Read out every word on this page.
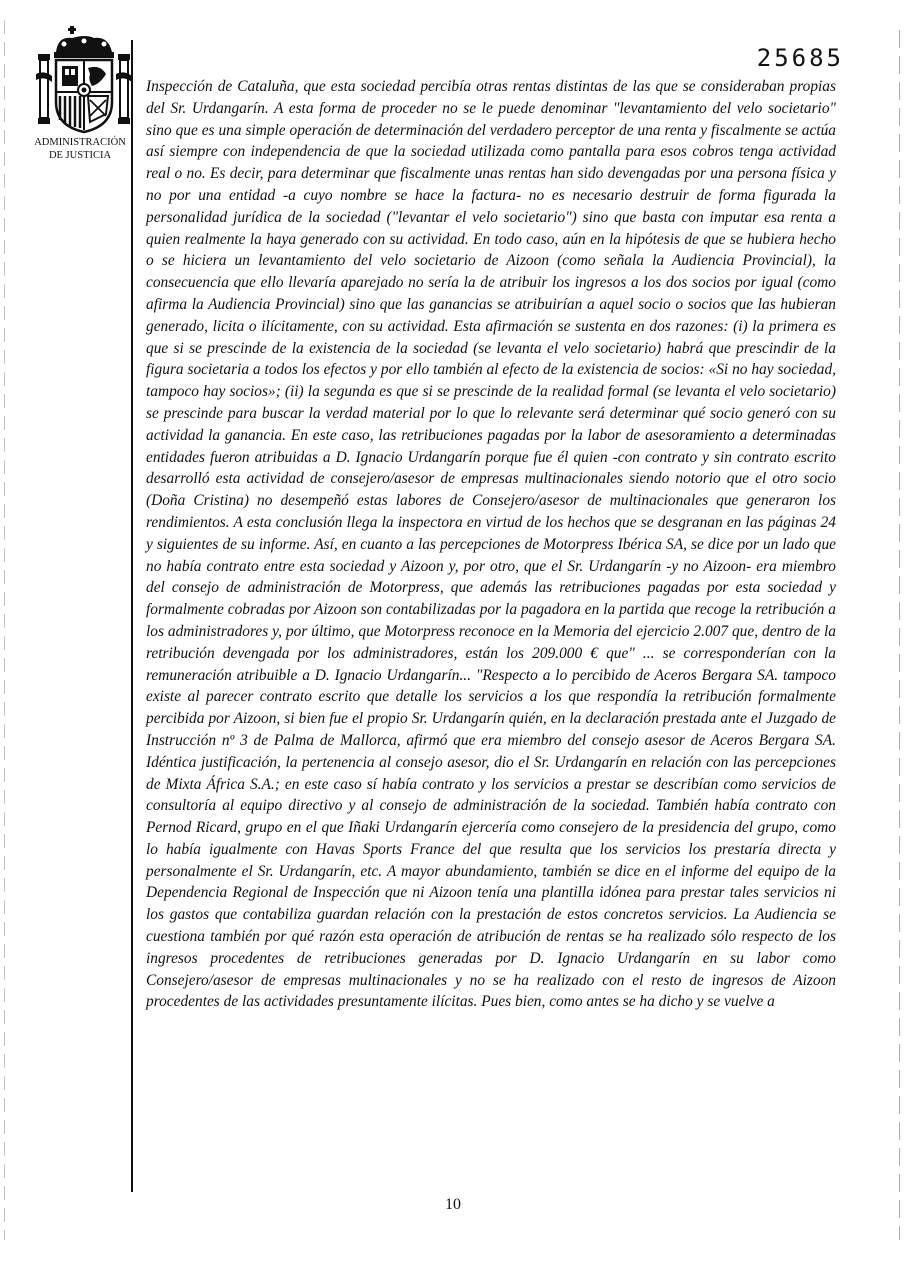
ADMINISTRACIÓN
DE JUSTICIA
25685

Inspección de Cataluña, que esta sociedad percibía otras rentas distintas de las que se consideraban propias del Sr. Urdangarín. A esta forma de proceder no se le puede denominar "levantamiento del velo societario" sino que es una simple operación de determinación del verdadero perceptor de una renta y fiscalmente se actúa así siempre con independencia de que la sociedad utilizada como pantalla para esos cobros tenga actividad real o no. Es decir, para determinar que fiscalmente unas rentas han sido devengadas por una persona física y no por una entidad -a cuyo nombre se hace la factura- no es necesario destruir de forma figurada la personalidad jurídica de la sociedad ("levantar el velo societario") sino que basta con imputar esa renta a quien realmente la haya generado con su actividad. En todo caso, aún en la hipótesis de que se hubiera hecho o se hiciera un levantamiento del velo societario de Aizoon (como señala la Audiencia Provincial), la consecuencia que ello llevaría aparejado no sería la de atribuir los ingresos a los dos socios por igual (como afirma la Audiencia Provincial) sino que las ganancias se atribuirían a aquel socio o socios que las hubieran generado, licita o ilícitamente, con su actividad. Esta afirmación se sustenta en dos razones: (i) la primera es que si se prescinde de la existencia de la sociedad (se levanta el velo societario) habrá que prescindir de la figura societaria a todos los efectos y por ello también al efecto de la existencia de socios: «Si no hay sociedad, tampoco hay socios»; (ii) la segunda es que si se prescinde de la realidad formal (se levanta el velo societario) se prescinde para buscar la verdad material por lo que lo relevante será determinar qué socio generó con su actividad la ganancia. En este caso, las retribuciones pagadas por la labor de asesoramiento a determinadas entidades fueron atribuidas a D. Ignacio Urdangarín porque fue él quien -con contrato y sin contrato escrito desarrolló esta actividad de consejero/asesor de empresas multinacionales siendo notorio que el otro socio (Doña Cristina) no desempeñó estas labores de Consejero/asesor de multinacionales que generaron los rendimientos. A esta conclusión llega la inspectora en virtud de los hechos que se desgranan en las páginas 24 y siguientes de su informe. Así, en cuanto a las percepciones de Motorpress Ibérica SA, se dice por un lado que no había contrato entre esta sociedad y Aizoon y, por otro, que el Sr. Urdangarín -y no Aizoon- era miembro del consejo de administración de Motorpress, que además las retribuciones pagadas por esta sociedad y formalmente cobradas por Aizoon son contabilizadas por la pagadora en la partida que recoge la retribución a los administradores y, por último, que Motorpress reconoce en la Memoria del ejercicio 2.007 que, dentro de la retribución devengada por los administradores, están los 209.000 € que" ... se corresponderían con la remuneración atribuible a D. Ignacio Urdangarín... "Respecto a lo percibido de Aceros Bergara SA. tampoco existe al parecer contrato escrito que detalle los servicios a los que respondía la retribución formalmente percibida por Aizoon, si bien fue el propio Sr. Urdangarín quién, en la declaración prestada ante el Juzgado de Instrucción nº 3 de Palma de Mallorca, afirmó que era miembro del consejo asesor de Aceros Bergara SA. Idéntica justificación, la pertenencia al consejo asesor, dio el Sr. Urdangarín en relación con las percepciones de Mixta África S.A.; en este caso sí había contrato y los servicios a prestar se describían como servicios de consultoría al equipo directivo y al consejo de administración de la sociedad. También había contrato con Pernod Ricard, grupo en el que Iñaki Urdangarín ejercería como consejero de la presidencia del grupo, como lo había igualmente con Havas Sports France del que resulta que los servicios los prestaría directa y personalmente el Sr. Urdangarín, etc. A mayor abundamiento, también se dice en el informe del equipo de la Dependencia Regional de Inspección que ni Aizoon tenía una plantilla idónea para prestar tales servicios ni los gastos que contabiliza guardan relación con la prestación de estos concretos servicios. La Audiencia se cuestiona también por qué razón esta operación de atribución de rentas se ha realizado sólo respecto de los ingresos procedentes de retribuciones generadas por D. Ignacio Urdangarín en su labor como Consejero/asesor de empresas multinacionales y no se ha realizado con el resto de ingresos de Aizoon procedentes de las actividades presuntamente ilícitas. Pues bien, como antes se ha dicho y se vuelve a

10
